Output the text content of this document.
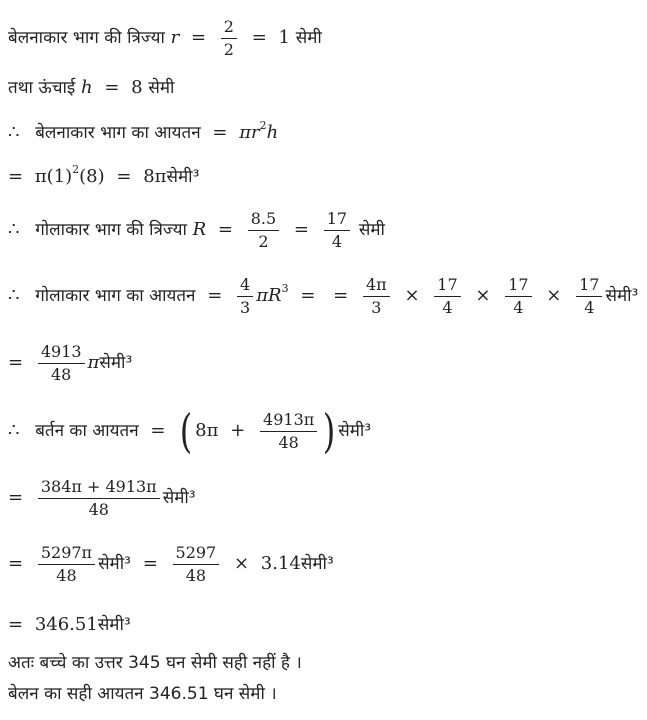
बेलनाकार भाग की त्रिज्या $r = \frac{2}{2} = 1$ सेमी
तथा ऊंचाई h = 8 सेमी
∴ बेलनाकार भाग का आयतन = $\pi r^2h$
= $\pi(1)^2(8)$ = 8πसेमी³
∴ गोलाकार भाग की त्रिज्या $R = \frac{8.5}{2} = \frac{17}{4}$ सेमी
∴ गोलाकार भाग का आयतन = $\frac{4}{3} \pi R^3$ = = $\frac{4\pi}{3} \times \frac{17}{4} \times \frac{17}{4} \times \frac{17}{4}$ सेमी³
= $\frac{4913}{48}$ πसेमी³
∴ बर्तन का आयतन = ( $8\pi + \frac{4913\pi}{48}$ ) सेमी³
= $\frac{384\pi + 4913\pi}{48}$ सेमी³
= $\frac{5297\pi}{48}$ सेमी³ = $\frac{5297}{48}$ × 3.14सेमी³
= 346.51सेमी³
अतः बच्चे का उत्तर 345 घन सेमी सही नहीं है ।
बेलन का सही आयतन 346.51 घन सेमी ।
